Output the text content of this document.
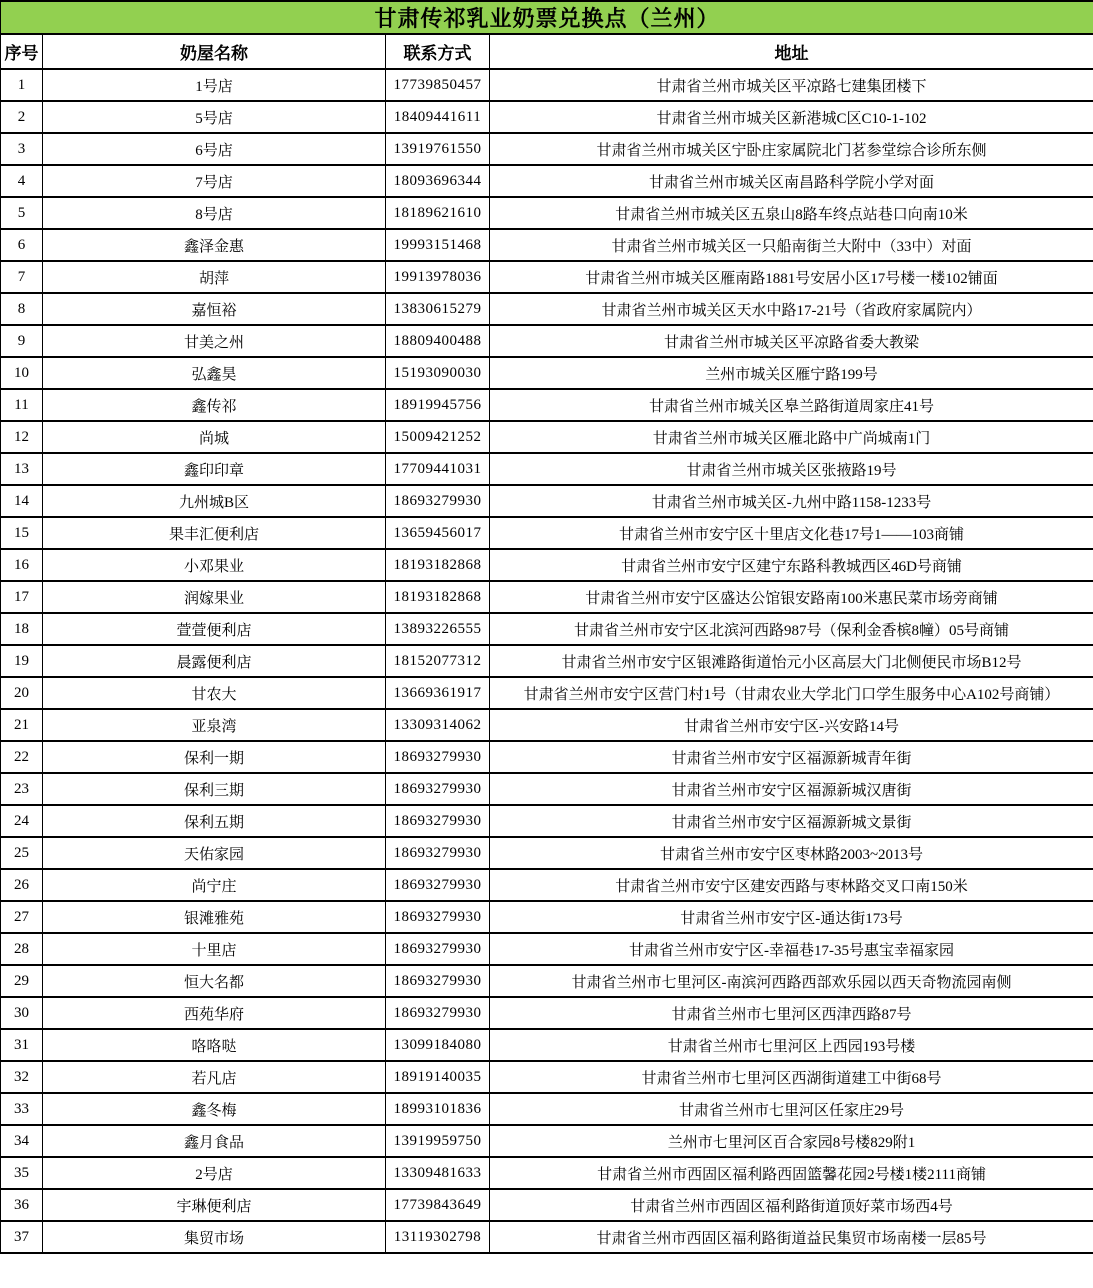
甘肃传祁乳业奶票兑换点（兰州）			
序号	奶屋名称	联系方式	地址
1	1号店	17739850457	甘肃省兰州市城关区平凉路七建集团楼下
2	5号店	18409441611	甘肃省兰州市城关区新港城C区C10-1-102
3	6号店	13919761550	甘肃省兰州市城关区宁卧庄家属院北门茗参堂综合诊所东侧
4	7号店	18093696344	甘肃省兰州市城关区南昌路科学院小学对面
5	8号店	18189621610	甘肃省兰州市城关区五泉山8路车终点站巷口向南10米
6	鑫泽金惠	19993151468	甘肃省兰州市城关区一只船南街兰大附中（33中）对面
7	胡萍	19913978036	甘肃省兰州市城关区雁南路1881号安居小区17号楼一楼102铺面
8	嘉恒裕	13830615279	甘肃省兰州市城关区天水中路17-21号（省政府家属院内）
9	甘美之州	18809400488	甘肃省兰州市城关区平凉路省委大教梁
10	弘鑫昊	15193090030	兰州市城关区雁宁路199号
11	鑫传祁	18919945756	甘肃省兰州市城关区皋兰路街道周家庄41号
12	尚城	15009421252	甘肃省兰州市城关区雁北路中广尚城南1门
13	鑫印印章	17709441031	甘肃省兰州市城关区张掖路19号
14	九州城B区	18693279930	甘肃省兰州市城关区-九州中路1158-1233号
15	果丰汇便利店	13659456017	甘肃省兰州市安宁区十里店文化巷17号1——103商铺
16	小邓果业	18193182868	甘肃省兰州市安宁区建宁东路科教城西区46D号商铺
17	润嫁果业	18193182868	甘肃省兰州市安宁区盛达公馆银安路南100米惠民菜市场旁商铺
18	萱萱便利店	13893226555	甘肃省兰州市安宁区北滨河西路987号（保利金香槟8幢）05号商铺
19	晨露便利店	18152077312	甘肃省兰州市安宁区银滩路街道怡元小区高层大门北侧便民市场B12号
20	甘农大	13669361917	甘肃省兰州市安宁区营门村1号（甘肃农业大学北门口学生服务中心A102号商铺）
21	亚泉湾	13309314062	甘肃省兰州市安宁区-兴安路14号
22	保利一期	18693279930	甘肃省兰州市安宁区福源新城青年街
23	保利三期	18693279930	甘肃省兰州市安宁区福源新城汉唐街
24	保利五期	18693279930	甘肃省兰州市安宁区福源新城文景街
25	天佑家园	18693279930	甘肃省兰州市安宁区枣林路2003~2013号
26	尚宁庄	18693279930	甘肃省兰州市安宁区建安西路与枣林路交叉口南150米
27	银滩雅苑	18693279930	甘肃省兰州市安宁区-通达街173号
28	十里店	18693279930	甘肃省兰州市安宁区-幸福巷17-35号惠宝幸福家园
29	恒大名都	18693279930	甘肃省兰州市七里河区-南滨河西路西部欢乐园以西天奇物流园南侧
30	西苑华府	18693279930	甘肃省兰州市七里河区西津西路87号
31	咯咯哒	13099184080	甘肃省兰州市七里河区上西园193号楼
32	若凡店	18919140035	甘肃省兰州市七里河区西湖街道建工中街68号
33	鑫冬梅	18993101836	甘肃省兰州市七里河区任家庄29号
34	鑫月食品	13919959750	兰州市七里河区百合家园8号楼829附1
35	2号店	13309481633	甘肃省兰州市西固区福利路西固篮馨花园2号楼1楼2111商铺
36	宇琳便利店	17739843649	甘肃省兰州市西固区福利路街道顶好菜市场西4号
37	集贸市场	13119302798	甘肃省兰州市西固区福利路街道益民集贸市场南楼一层85号
